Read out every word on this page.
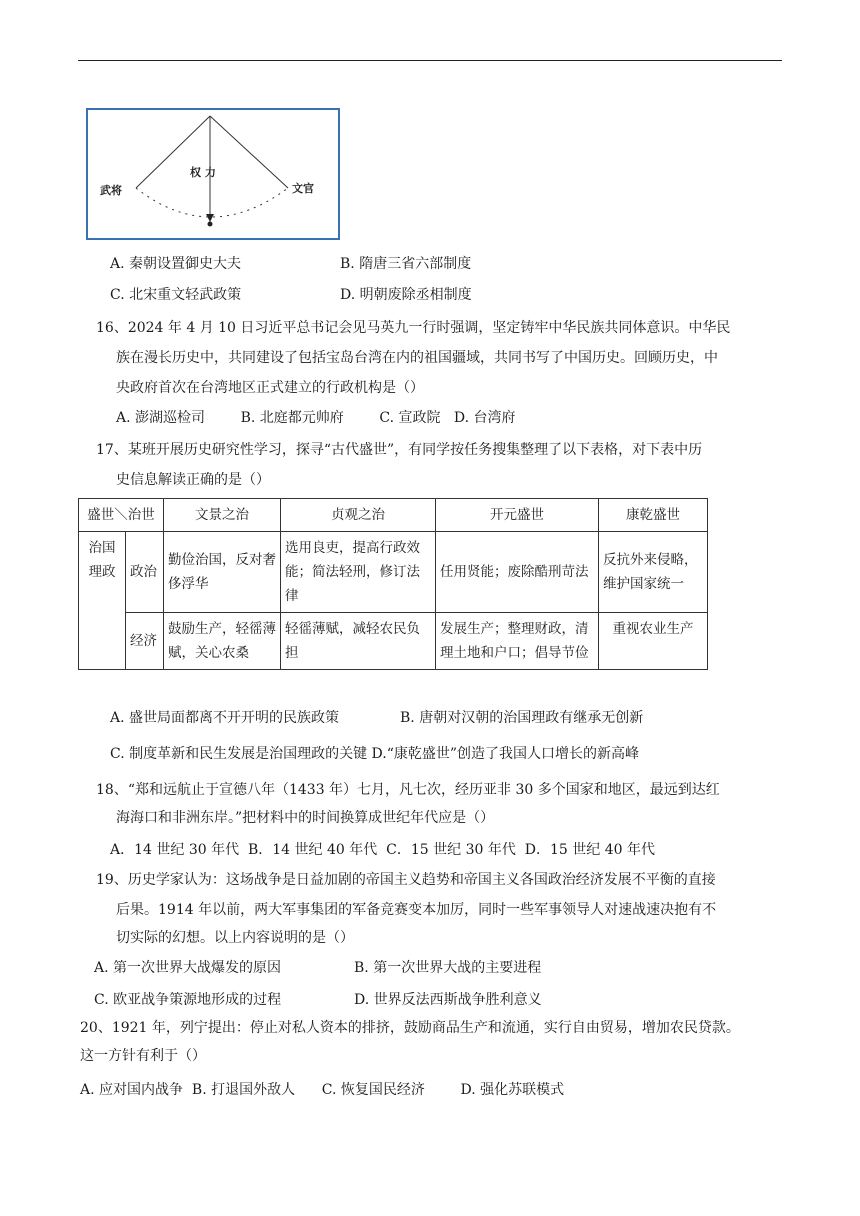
权 力
武将	文官
A. 秦朝设置御史大夫	B. 隋唐三省六部制度
C. 北宋重文轻武政策	D. 明朝废除丞相制度
16、2024 年 4 月 10 日习近平总书记会见马英九一行时强调，坚定铸牢中华民族共同体意识。中华民
族在漫长历史中，共同建设了包括宝岛台湾在内的祖国疆域，共同书写了中国历史。回顾历史，中
央政府首次在台湾地区正式建立的行政机构是（）
A. 澎湖巡检司        B. 北庭都元帅府        C. 宣政院   D. 台湾府
17、某班开展历史研究性学习，探寻“古代盛世”，有同学按任务搜集整理了以下表格，对下表中历
史信息解读正确的是（）
盛世＼治世		文景之治	贞观之治	开元盛世	康乾盛世
治国理政	政治	勤俭治国，反对奢侈浮华	选用良吏，提高行政效能；简法轻刑，修订法律	任用贤能；废除酷刑苛法	反抗外来侵略，维护国家统一
	经济	鼓励生产，轻徭薄赋，关心农桑	轻徭薄赋，减轻农民负担	发展生产；整理财政，清理土地和户口；倡导节俭	重视农业生产
A. 盛世局面都离不开开明的民族政策	B. 唐朝对汉朝的治国理政有继承无创新
C. 制度革新和民生发展是治国理政的关键 D.“康乾盛世”创造了我国人口增长的新高峰
18、“郑和远航止于宣德八年（1433 年）七月，凡七次，经历亚非 30 多个国家和地区，最远到达红
海海口和非洲东岸。”把材料中的时间换算成世纪年代应是（）
A．14 世纪 30 年代  B．14 世纪 40 年代  C．15 世纪 30 年代  D．15 世纪 40 年代
19、历史学家认为：这场战争是日益加剧的帝国主义趋势和帝国主义各国政治经济发展不平衡的直接
后果。1914 年以前，两大军事集团的军备竞赛变本加厉，同时一些军事领导人对速战速决抱有不
切实际的幻想。以上内容说明的是（）
A. 第一次世界大战爆发的原因	B. 第一次世界大战的主要进程
C. 欧亚战争策源地形成的过程	D. 世界反法西斯战争胜利意义
20、1921 年，列宁提出：停止对私人资本的排挤，鼓励商品生产和流通，实行自由贸易，增加农民贷款。
这一方针有利于（）
A. 应对国内战争  B. 打退国外敌人      C. 恢复国民经济        D. 强化苏联模式
